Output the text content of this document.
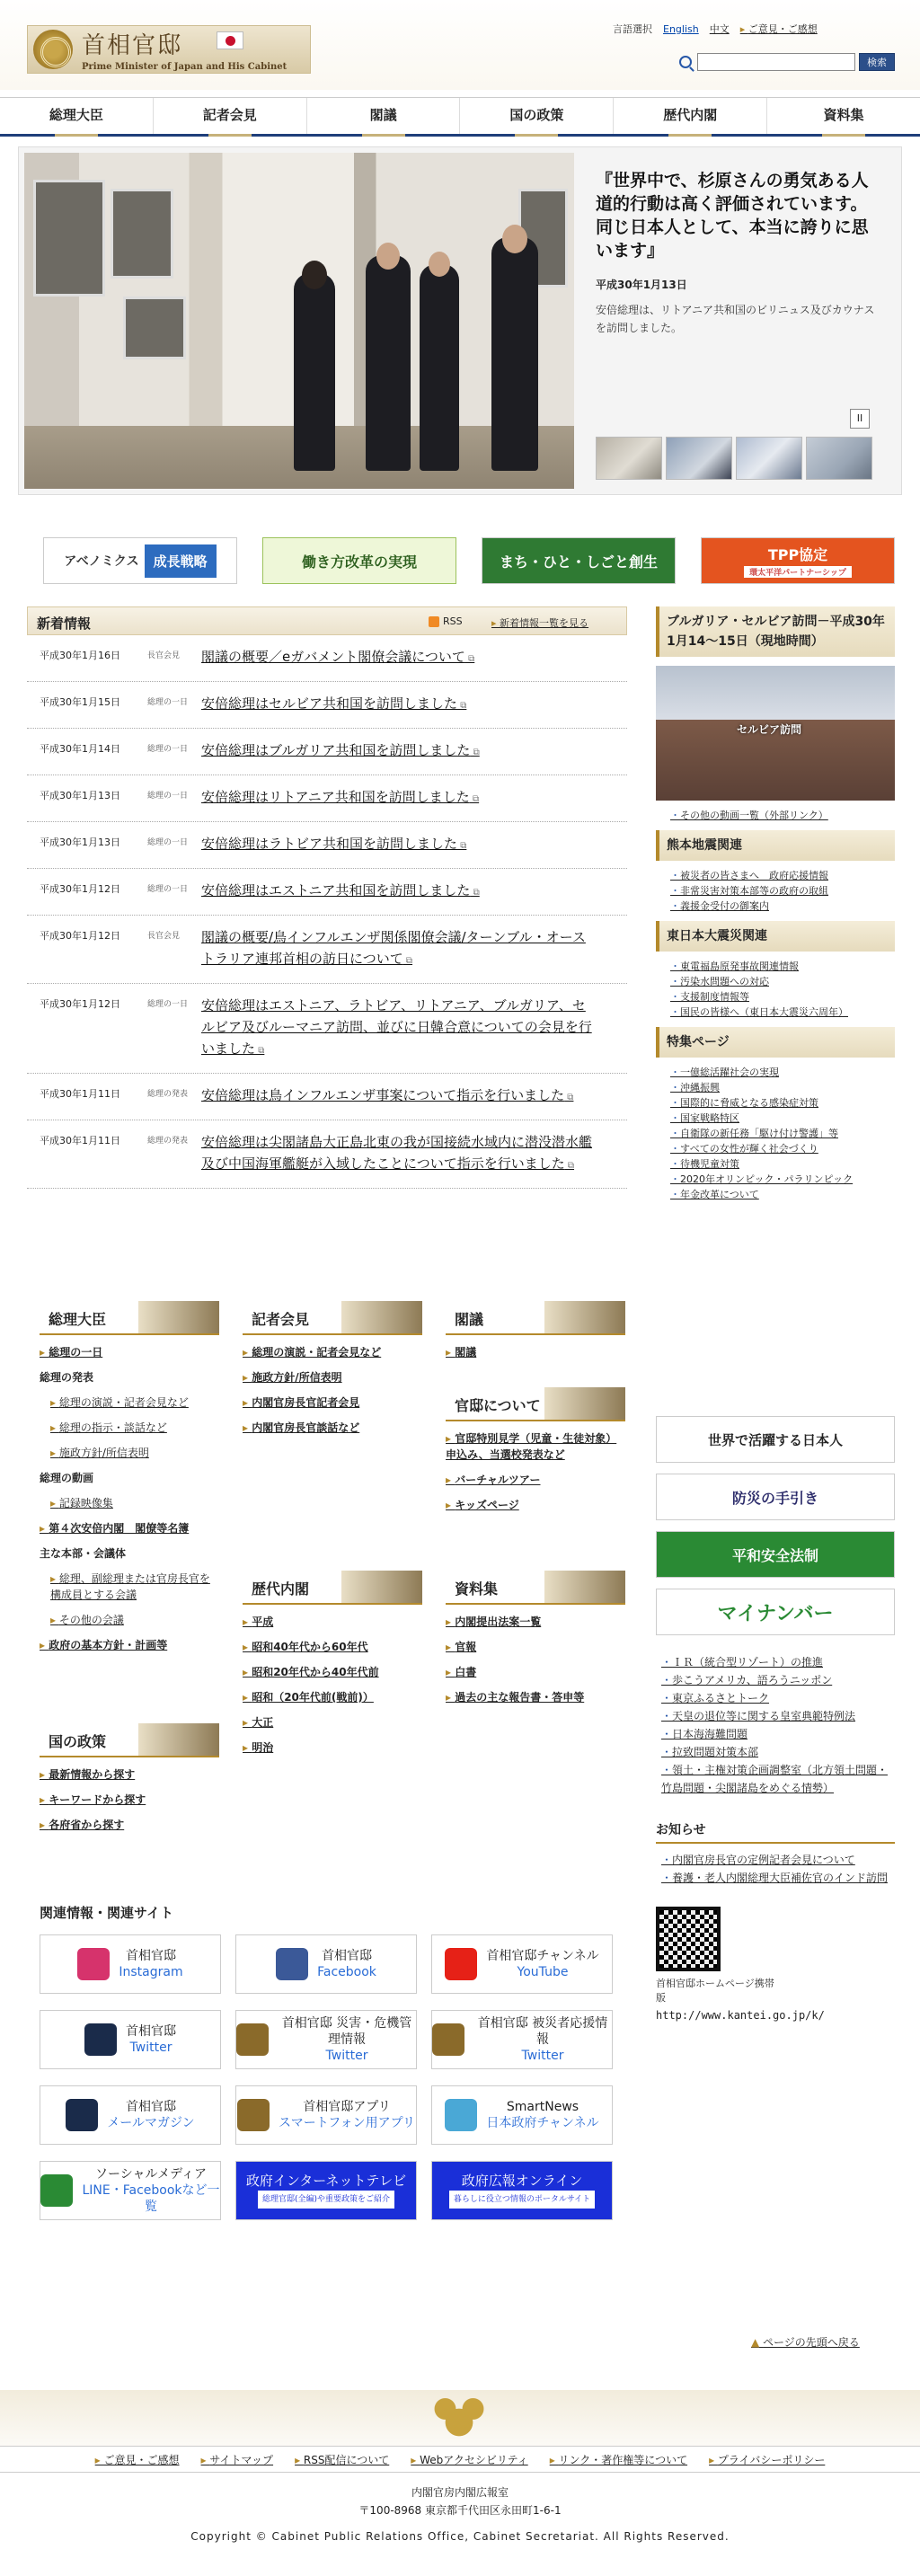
首相官邸
Prime Minister of Japan and His Cabinet
言語選択 English 中文	▸ ご意見・ご感想
検索
総理大臣	記者会見	閣議	国の政策	歴代内閣	資料集
『世界中で、杉原さんの勇気ある人道的行動は高く評価されています。同じ日本人として、本当に誇りに思います』
平成30年1月13日
安倍総理は、リトアニア共和国のビリニュス及びカウナスを訪問しました。
II
アベノミクス	成長戦略	働き方改革の実現	まち・ひと・しごと創生	TPP協定
環太平洋パートナーシップ
新着情報	RSS	▸ 新着情報一覧を見る
平成30年1月16日	長官会見	閣議の概要／eガバメント閣僚会議について ⧉
平成30年1月15日	総理の一日 安倍総理はセルビア共和国を訪問しました ⧉
平成30年1月14日	総理の一日 安倍総理はブルガリア共和国を訪問しました ⧉
平成30年1月13日	総理の一日 安倍総理はリトアニア共和国を訪問しました ⧉
平成30年1月13日	総理の一日 安倍総理はラトビア共和国を訪問しました ⧉
平成30年1月12日	総理の一日 安倍総理はエストニア共和国を訪問しました ⧉
平成30年1月12日	長官会見	閣議の概要/鳥インフルエンザ関係閣僚会議/ターンブル・オーストラリア連邦首相の訪日について ⧉
平成30年1月12日	総理の一日 安倍総理はエストニア、ラトビア、リトアニア、ブルガリア、セルビア及びルーマニア訪問、並びに日韓合意についての会見を行いました ⧉
平成30年1月11日	総理の発表 安倍総理は鳥インフルエンザ事案について指示を行いました ⧉
平成30年1月11日	総理の発表 安倍総理は尖閣諸島大正島北東の我が国接続水域内に潜没潜水艦及び中国海軍艦艇が入域したことについて指示を行いました ⧉
ブルガリア・セルビア訪問－平成30年1月14～15日（現地時間）
セルビア訪問
・ その他の動画一覧（外部リンク）
熊本地震関連
・ 被災者の皆さまへ　政府応援情報
・ 非常災害対策本部等の政府の取組
・ 義援金受付の御案内
東日本大震災関連
・ 東電福島原発事故関連情報
・ 汚染水問題への対応
・ 支援制度情報等
・ 国民の皆様へ（東日本大震災六周年）
特集ページ
・ 一億総活躍社会の実現
・ 沖縄振興
・ 国際的に脅威となる感染症対策
・ 国家戦略特区
・ 自衛隊の新任務「駆け付け警護」等
・ すべての女性が輝く社会づくり
・ 待機児童対策
・ 2020年オリンピック・パラリンピック
・ 年金改革について
世界で活躍する日本人
防災の手引き
平和安全法制
マイナンバー
・ ＩＲ（統合型リゾート）の推進
・ 歩こうアメリカ、語ろうニッポン
・ 東京ふるさとトーク
・ 天皇の退位等に関する皇室典範特例法
・ 日本海海難問題
・ 拉致問題対策本部
・ 領土・主権対策企画調整室（北方領土問題・竹島問題・尖閣諸島をめぐる情勢）
お知らせ
・ 内閣官房長官の定例記者会見について
・ 養護・老人内閣総理大臣補佐官のインド訪問
首相官邸ホームページ携帯版
http://www.kantei.go.jp/k/
総理大臣
▸ 総理の一日
総理の発表
▸ 総理の演説・記者会見など
▸ 総理の指示・談話など
▸ 施政方針/所信表明
総理の動画
▸ 記録映像集
▸ 第４次安倍内閣　閣僚等名簿
主な本部・会議体
▸ 総理、副総理または官房長官を構成員とする会議
▸ その他の会議
▸ 政府の基本方針・計画等
記者会見
▸ 総理の演説・記者会見など
▸ 施政方針/所信表明
▸ 内閣官房長官記者会見
▸ 内閣官房長官談話など
閣議
▸ 閣議
官邸について
▸ 官邸特別見学（児童・生徒対象）申込み、当選校発表など
▸ バーチャルツアー
▸ キッズページ
歴代内閣
▸ 平成
▸ 昭和40年代から60年代
▸ 昭和20年代から40年代前
▸ 昭和（20年代前(戦前)）
▸ 大正
▸ 明治
資料集
▸ 内閣提出法案一覧
▸ 官報
▸ 白書
▸ 過去の主な報告書・答申等
国の政策
▸ 最新情報から探す
▸ キーワードから探す
▸ 各府省から探す
関連情報・関連サイト
首相官邸
Instagram
首相官邸
Facebook
首相官邸チャンネル
YouTube
首相官邸
Twitter
首相官邸 災害・危機管理情報
Twitter
首相官邸 被災者応援情報
Twitter
首相官邸
メールマガジン
首相官邸アプリ
スマートフォン用アプリ
SmartNews
日本政府チャンネル
ソーシャルメディア
LINE・Facebookなど一覧
政府インターネットテレビ
総理官邸(全編)や重要政策をご紹介
政府広報オンライン
暮らしに役立つ情報のポータルサイト
▲ ページの先頭へ戻る
▸ ご意見・ご感想	▸ サイトマップ	▸ RSS配信について	▸ Webアクセシビリティ	▸ リンク・著作権等について	▸ プライバシーポリシー
内閣官房内閣広報室
〒100-8968 東京都千代田区永田町1-6-1
Copyright © Cabinet Public Relations Office, Cabinet Secretariat. All Rights Reserved.
